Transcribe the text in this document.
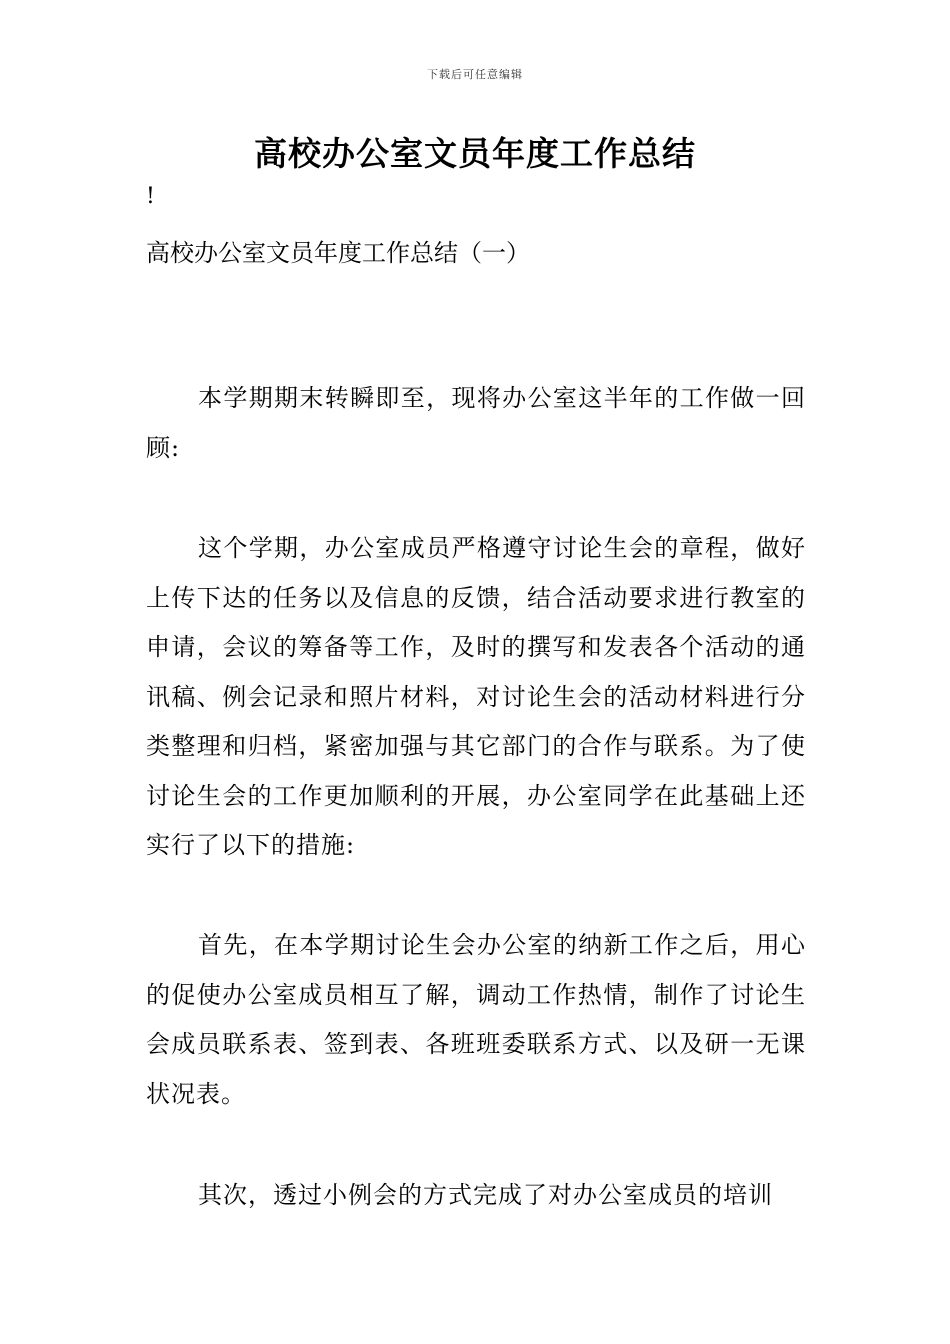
下载后可任意编辑
高校办公室文员年度工作总结
!
高校办公室文员年度工作总结（一）

本学期期末转瞬即至，现将办公室这半年的工作做一回顾:

这个学期，办公室成员严格遵守讨论生会的章程，做好上传下达的任务以及信息的反馈，结合活动要求进行教室的申请，会议的筹备等工作，及时的撰写和发表各个活动的通讯稿、例会记录和照片材料，对讨论生会的活动材料进行分类整理和归档，紧密加强与其它部门的合作与联系。为了使讨论生会的工作更加顺利的开展，办公室同学在此基础上还实行了以下的措施:

首先，在本学期讨论生会办公室的纳新工作之后，用心的促使办公室成员相互了解，调动工作热情，制作了讨论生会成员联系表、签到表、各班班委联系方式、以及研一无课状况表。

其次，透过小例会的方式完成了对办公室成员的培训
